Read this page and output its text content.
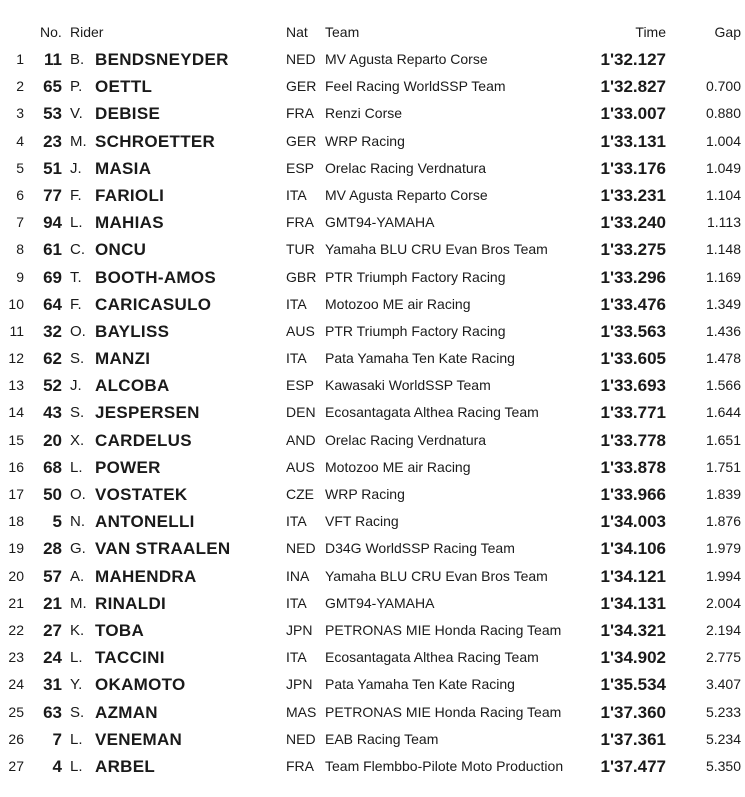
No. Rider	Nat Team	Time	Gap
1	11 B. BENDSNEYDER	NED MV Agusta Reparto Corse	1'32.127
2	65 P. OETTL	GER Feel Racing WorldSSP Team	1'32.827	0.700
3	53 V. DEBISE	FRA Renzi Corse	1'33.007	0.880
4	23 M. SCHROETTER	GER WRP Racing	1'33.131	1.004
5	51 J. MASIA	ESP Orelac Racing Verdnatura	1'33.176	1.049
6	77 F. FARIOLI	ITA MV Agusta Reparto Corse	1'33.231	1.104
7	94 L. MAHIAS	FRA GMT94-YAMAHA	1'33.240	1.113
8	61 C. ONCU	TUR Yamaha BLU CRU Evan Bros Team	1'33.275	1.148
9	69 T. BOOTH-AMOS	GBR PTR Triumph Factory Racing	1'33.296	1.169
10	64 F. CARICASULO	ITA Motozoo ME air Racing	1'33.476	1.349
11	32 O. BAYLISS	AUS PTR Triumph Factory Racing	1'33.563	1.436
12	62 S. MANZI	ITA Pata Yamaha Ten Kate Racing	1'33.605	1.478
13	52 J. ALCOBA	ESP Kawasaki WorldSSP Team	1'33.693	1.566
14	43 S. JESPERSEN	DEN Ecosantagata Althea Racing Team	1'33.771	1.644
15	20 X. CARDELUS	AND Orelac Racing Verdnatura	1'33.778	1.651
16	68 L. POWER	AUS Motozoo ME air Racing	1'33.878	1.751
17	50 O. VOSTATEK	CZE WRP Racing	1'33.966	1.839
18	5 N. ANTONELLI	ITA VFT Racing	1'34.003	1.876
19	28 G. VAN STRAALEN	NED D34G WorldSSP Racing Team	1'34.106	1.979
20	57 A. MAHENDRA	INA Yamaha BLU CRU Evan Bros Team	1'34.121	1.994
21	21 M. RINALDI	ITA GMT94-YAMAHA	1'34.131	2.004
22	27 K. TOBA	JPN PETRONAS MIE Honda Racing Team 1'34.321	2.194
23	24 L. TACCINI	ITA Ecosantagata Althea Racing Team	1'34.902	2.775
24	31 Y. OKAMOTO	JPN Pata Yamaha Ten Kate Racing	1'35.534	3.407
25	63 S. AZMAN	MAS PETRONAS MIE Honda Racing Team 1'37.360	5.233
26	7 L. VENEMAN	NED EAB Racing Team	1'37.361	5.234
27	4 L. ARBEL	FRA Team Flembbo-Pilote Moto Production 1'37.477	5.350
